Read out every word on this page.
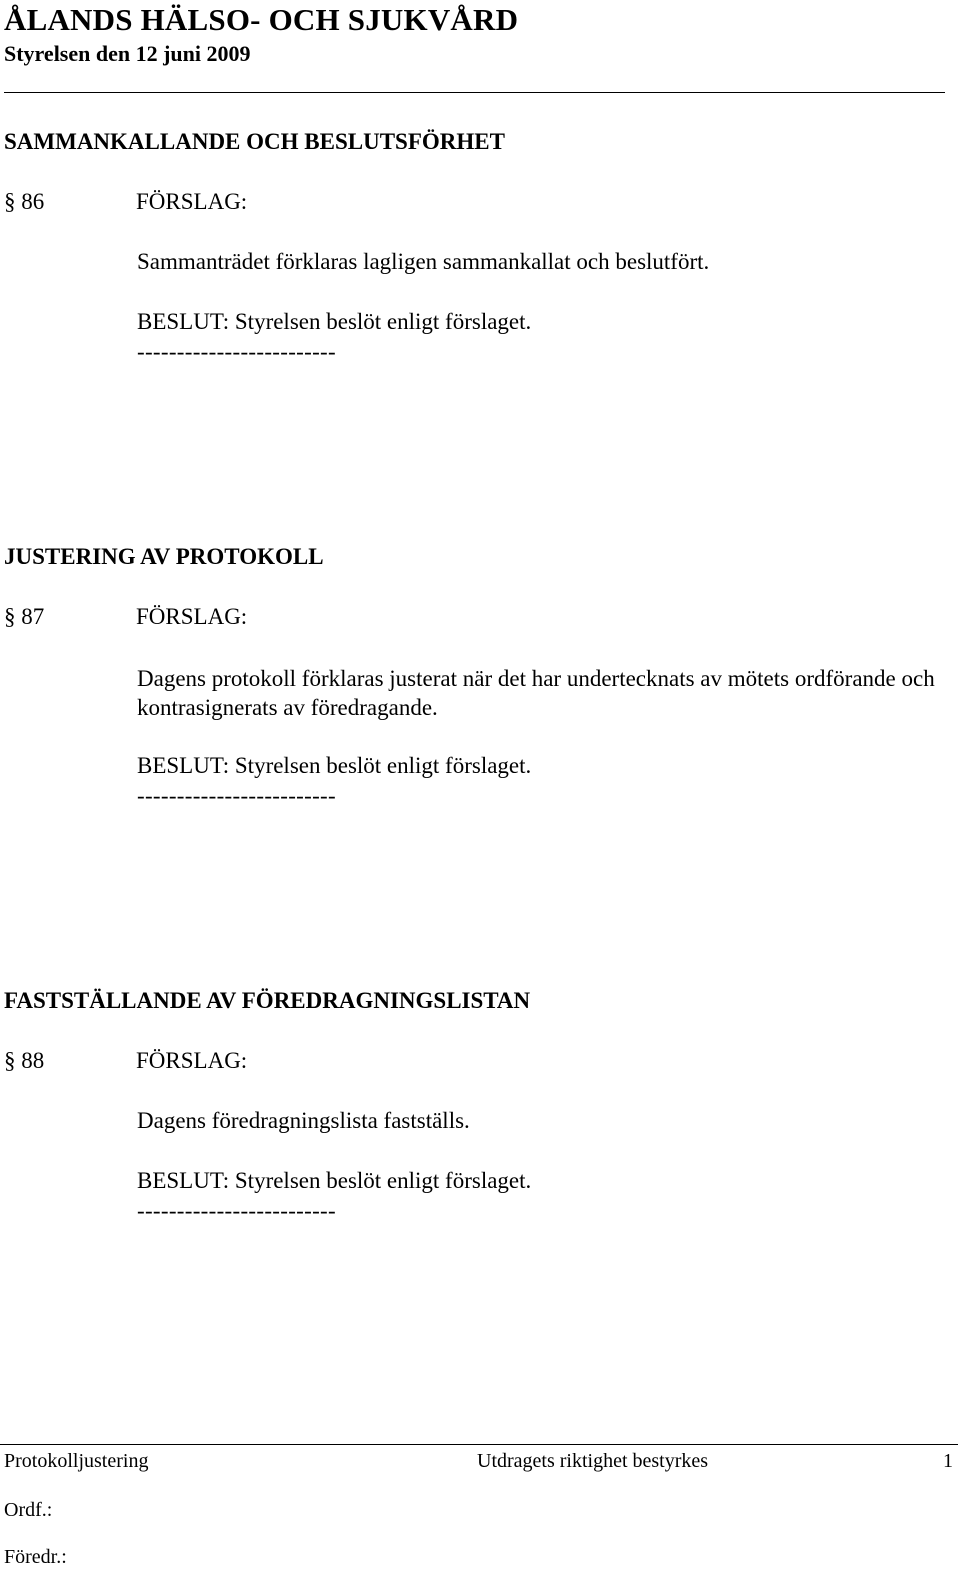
ÅLANDS HÄLSO- OCH SJUKVÅRD
Styrelsen den 12 juni 2009
SAMMANKALLANDE OCH BESLUTSFÖRHET
§ 86	FÖRSLAG:
Sammanträdet förklaras lagligen sammankallat och beslutfört.
BESLUT: Styrelsen beslöt enligt förslaget.
-------------------------
JUSTERING AV PROTOKOLL
§ 87	FÖRSLAG:
Dagens protokoll förklaras justerat när det har undertecknats av mötets ordförande och kontrasignerats av föredragande.
BESLUT: Styrelsen beslöt enligt förslaget.
-------------------------
FASTSTÄLLANDE AV FÖREDRAGNINGSLISTAN
§ 88	FÖRSLAG:
Dagens föredragningslista fastställs.
BESLUT: Styrelsen beslöt enligt förslaget.
-------------------------
Protokolljustering	Utdragets riktighet bestyrkes	1
Ordf.:
Föredr.:
